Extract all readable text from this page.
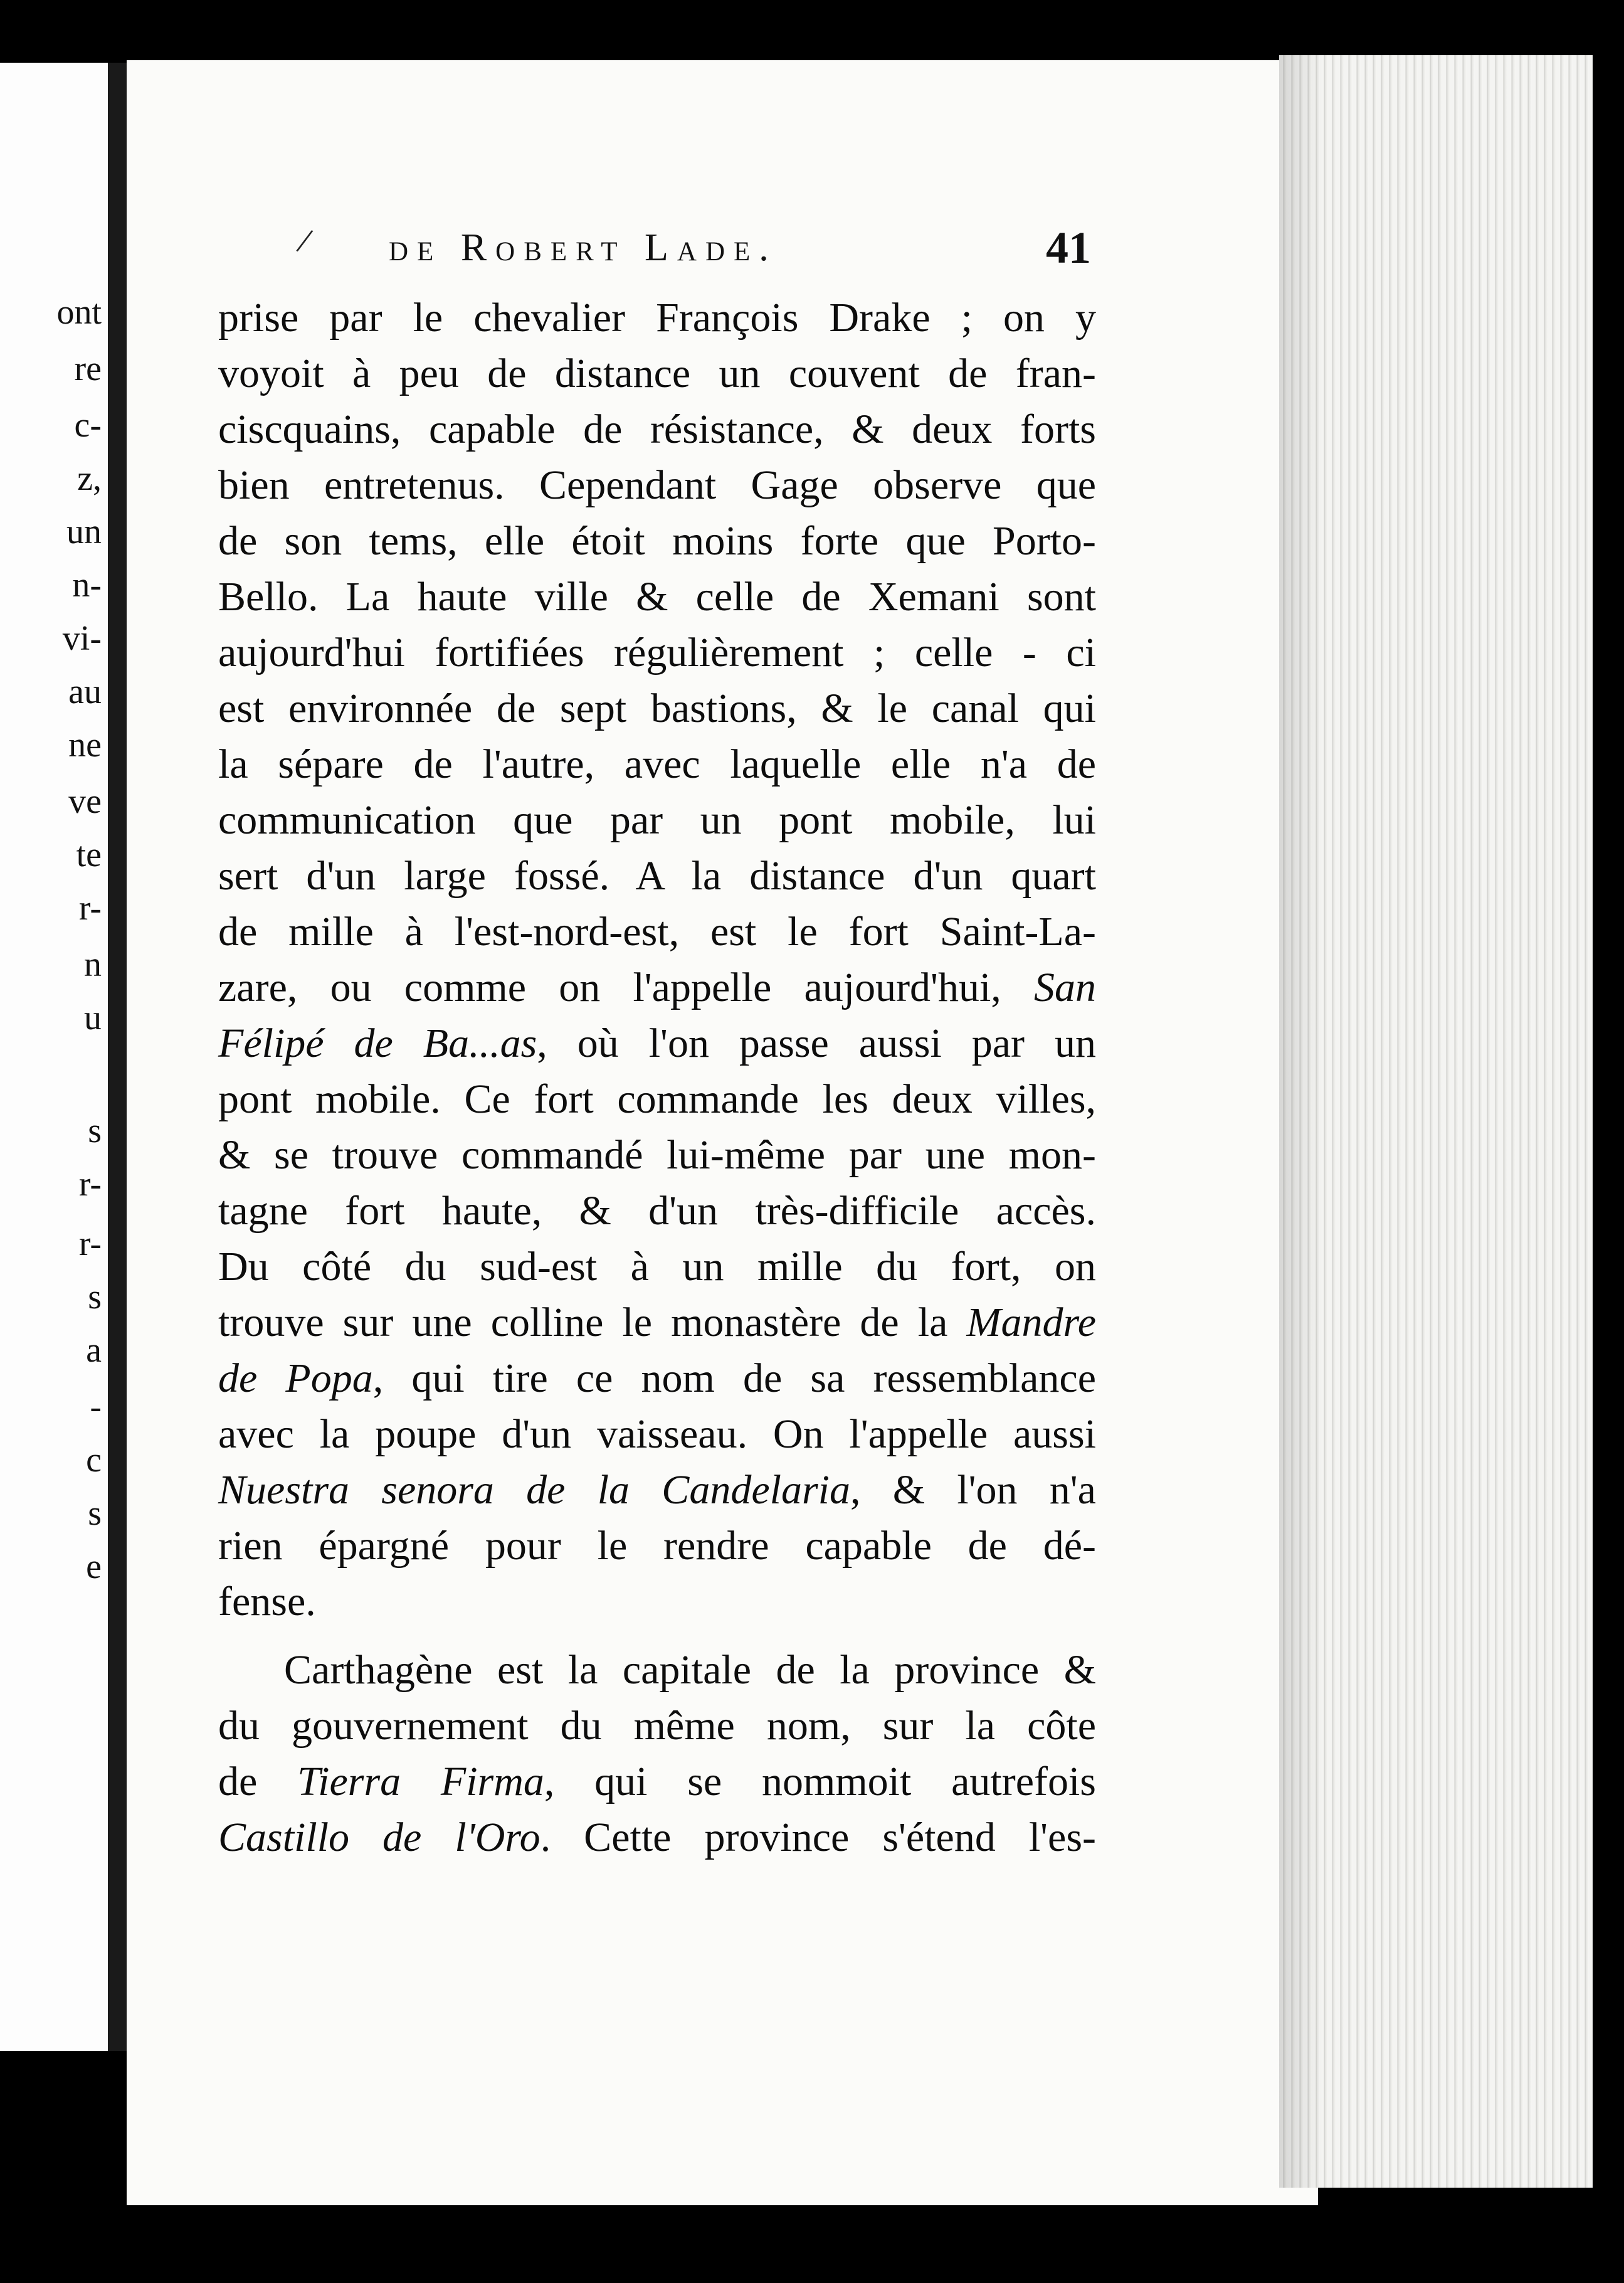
ont
re
c-
z,
un
n-
vi-
au
ne
ve
te
r-
n
u
s
r-
r-
s
a
-
c
s
e
/ de Robert Lade.	41
prise par le chevalier François Drake ; on y
voyoit à peu de distance un couvent de fran-
ciscquains, capable de résistance, & deux forts
bien entretenus. Cependant Gage observe que
de son tems, elle étoit moins forte que Porto-
Bello. La haute ville & celle de Xemani sont
aujourd'hui fortifiées régulièrement ; celle - ci
est environnée de sept bastions, & le canal qui
la sépare de l'autre, avec laquelle elle n'a de
communication que par un pont mobile, lui
sert d'un large fossé. A la distance d'un quart
de mille à l'est-nord-est, est le fort Saint-La-
zare, ou comme on l'appelle aujourd'hui, San
Félipé de Ba...as, où l'on passe aussi par un
pont mobile. Ce fort commande les deux villes,
& se trouve commandé lui-même par une mon-
tagne fort haute, & d'un très-difficile accès.
Du côté du sud-est à un mille du fort, on
trouve sur une colline le monastère de la Mandre
de Popa, qui tire ce nom de sa ressemblance
avec la poupe d'un vaisseau. On l'appelle aussi
Nuestra senora de la Candelaria, & l'on n'a
rien épargné pour le rendre capable de dé-
fense.
Carthagène est la capitale de la province &
du gouvernement du même nom, sur la côte
de Tierra Firma, qui se nommoit autrefois
Castillo de l'Oro. Cette province s'étend l'es-
